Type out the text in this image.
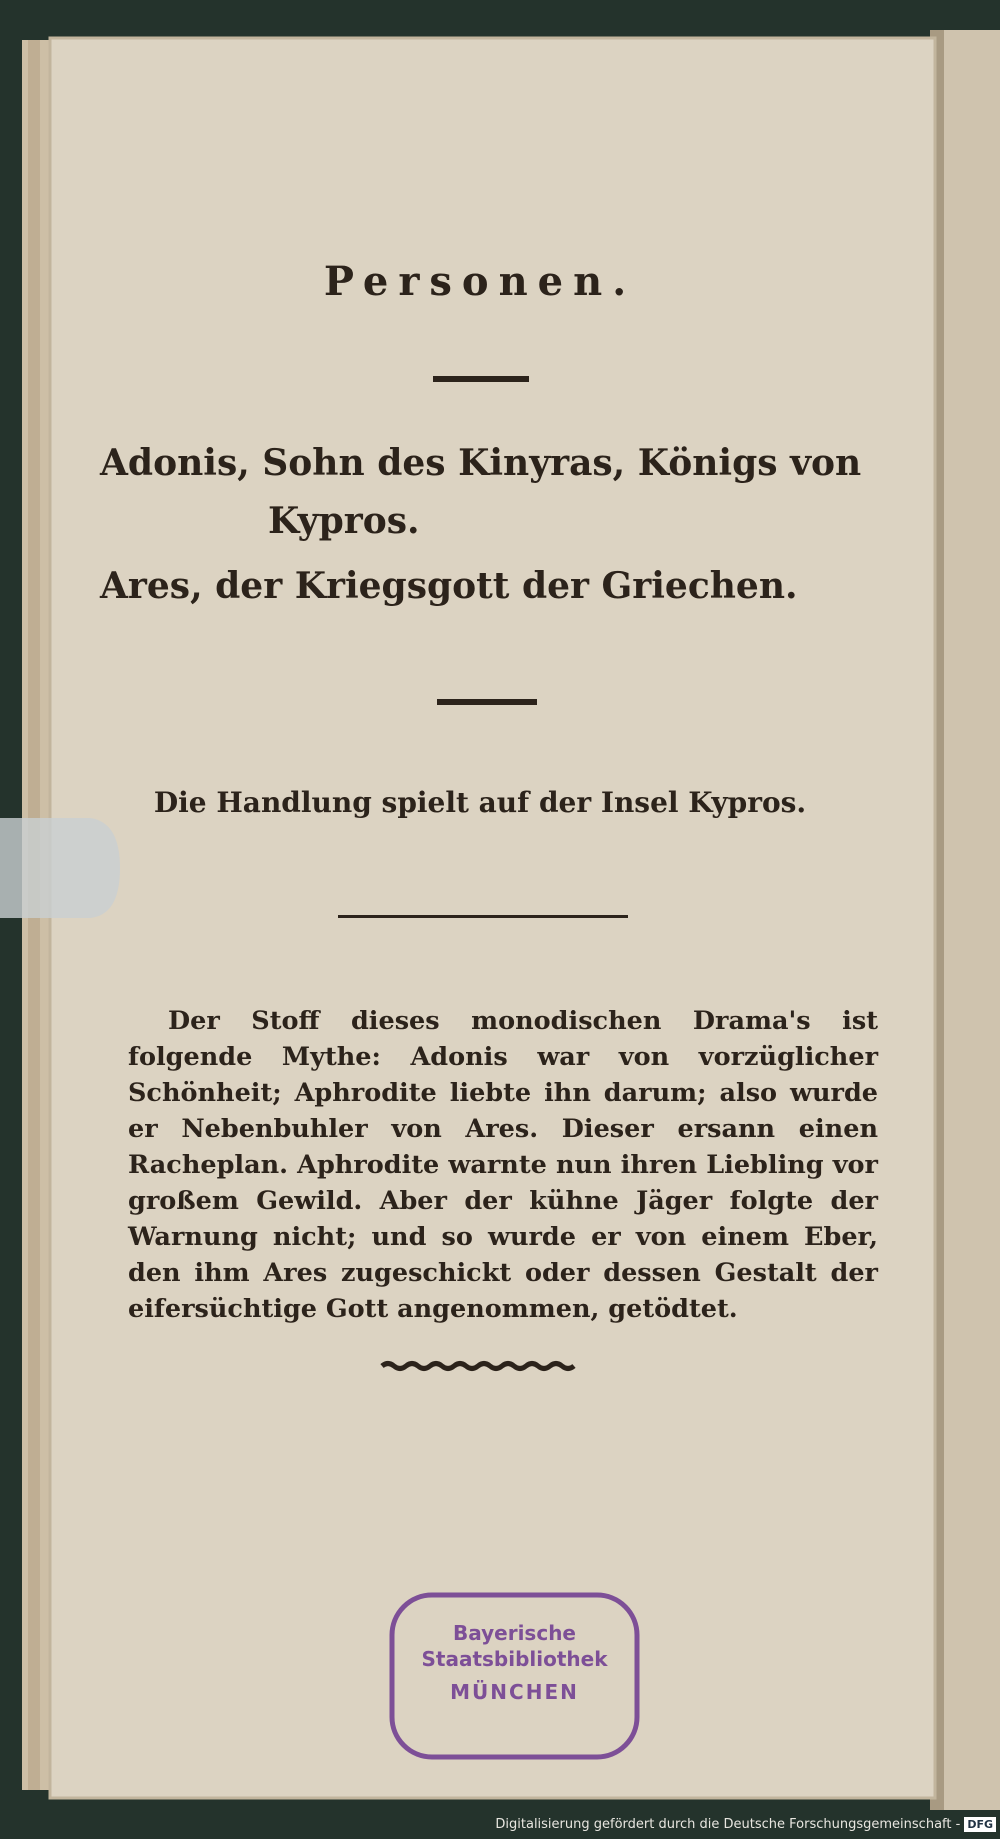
Personen.
Adonis, Sohn des Kinyras, Königs von
Kypros.
Ares, der Kriegsgott der Griechen.
Die Handlung spielt auf der Insel Kypros.
Der Stoff dieses monodischen Drama's ist folgende Mythe: Adonis war von vorzüglicher Schönheit; Aphrodite liebte ihn darum; also wurde er Nebenbuhler von Ares. Dieser ersann einen Racheplan. Aphrodite warnte nun ihren Liebling vor großem Gewild. Aber der kühne Jäger folgte der Warnung nicht; und so wurde er von einem Eber, den ihm Ares zugeschickt oder dessen Gestalt der eifersüchtige Gott angenommen, getödtet.
Bayerische
Staatsbibliothek
MÜNCHEN
Digitalisierung gefördert durch die Deutsche Forschungsgemeinschaft - DFG
